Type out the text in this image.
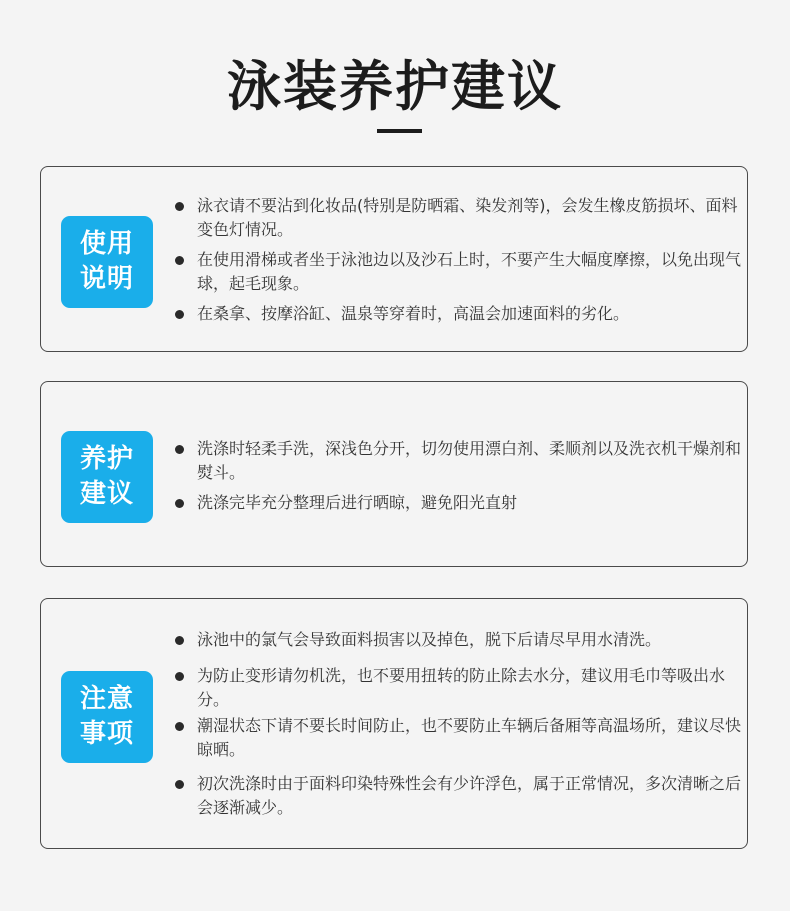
泳装养护建议
使用
说明
泳衣请不要沾到化妆品(特别是防晒霜、染发剂等)，会发生橡皮筋损坏、面料变色灯情况。
在使用滑梯或者坐于泳池边以及沙石上时，不要产生大幅度摩擦，以免出现气球，起毛现象。
在桑拿、按摩浴缸、温泉等穿着时，高温会加速面料的劣化。
养护
建议
洗涤时轻柔手洗，深浅色分开，切勿使用漂白剂、柔顺剂以及洗衣机干燥剂和熨斗。
洗涤完毕充分整理后进行晒晾，避免阳光直射
注意
事项
泳池中的氯气会导致面料损害以及掉色，脱下后请尽早用水清洗。
为防止变形请勿机洗，也不要用扭转的防止除去水分，建议用毛巾等吸出水分。
潮湿状态下请不要长时间防止，也不要防止车辆后备厢等高温场所，建议尽快晾晒。
初次洗涤时由于面料印染特殊性会有少许浮色，属于正常情况，多次清晰之后会逐渐减少。
